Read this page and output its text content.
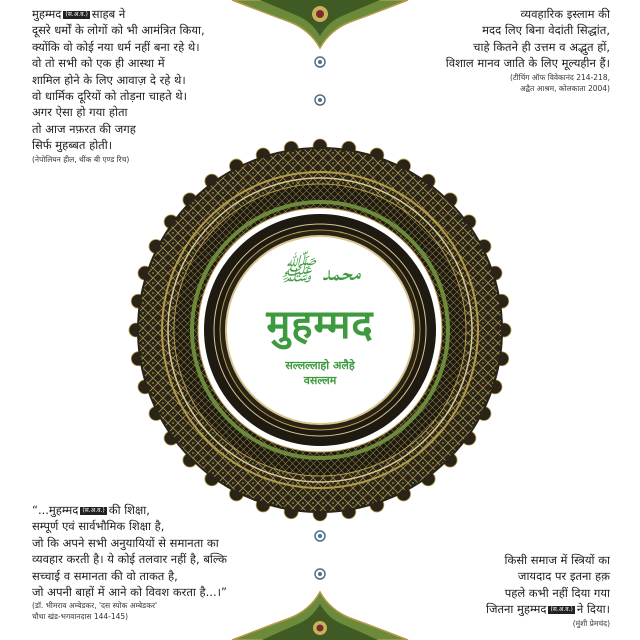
محمد ﷺ
मुहम्मद
सल्लल्लाहो अलैहे
वसल्लम
मुहम्मद (स.अ.व.) साहब ने
दूसरे धर्मों के लोगों को भी आमंत्रित किया,
क्योंकि वो कोई नया धर्म नहीं बना रहे थे।
वो तो सभी को एक ही आस्था में
शामिल होने के लिए आवाज़ दे रहे थे।
वो धार्मिक दूरियों को तोड़ना चाहते थे।
अगर ऐसा हो गया होता
तो आज नफ़रत की जगह
सिर्फ मुहब्बत होती।
(नेपोलियन हील, थींक बी एण्ड रिच)
व्यवहारिक इस्लाम की
मदद लिए बिना वेदांती सिद्धांत,
चाहे कितने ही उत्तम व अद्भुत हों,
विशाल मानव जाति के लिए मूल्यहीन हैं।
(टीचिंग ऑफ विवेकानंद 214-218,
अद्वैत आश्रम, कोलकाता 2004)
“...मुहम्मद (स.अ.व.) की शिक्षा,
सम्पूर्ण एवं सार्वभौमिक शिक्षा है,
जो कि अपने सभी अनुयायियों से समानता का
व्यवहार करती है। ये कोई तलवार नहीं है, बल्कि
सच्चाई व समानता की वो ताकत है,
जो अपनी बाहों में आने को विवश करता है...।”
(डॉ. भीमराव अम्बेडकर, 'दस स्पोक अम्बेडकर'
चौथा खंड-भगवानदास 144-145)
किसी समाज में स्त्रियों का
जायदाद पर इतना हक़
पहले कभी नहीं दिया गया
जितना मुहम्मद (स.अ.व.) ने दिया।
(मुंशी प्रेमचंद)
